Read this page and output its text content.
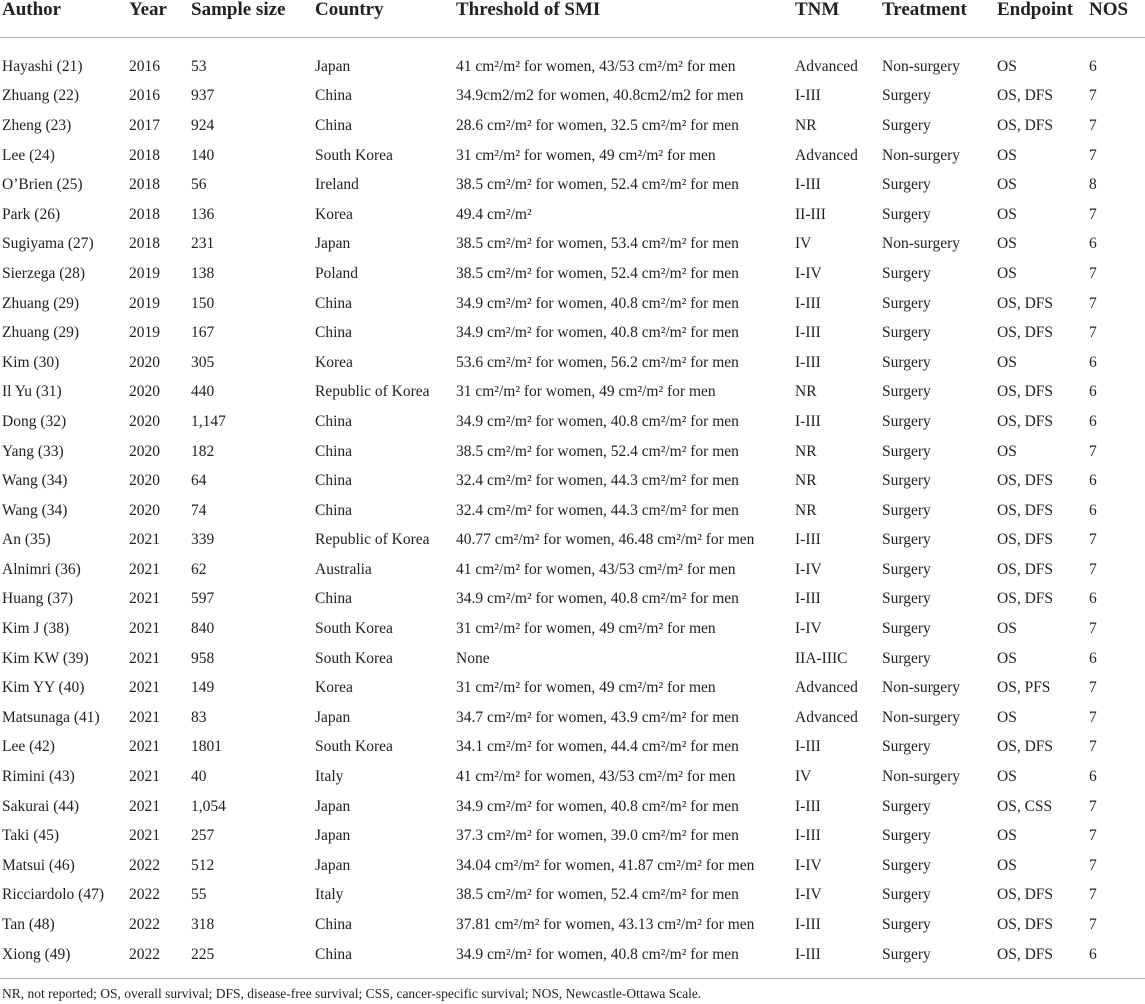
Author	Year	Sample size	Country	Threshold of SMI	TNM	Treatment	Endpoint	NOS
Hayashi (21)	2016	53	Japan	41 cm²/m² for women, 43/53 cm²/m² for men	Advanced	Non-surgery	OS	6
Zhuang (22)	2016	937	China	34.9cm2/m2 for women, 40.8cm2/m2 for men	I-III	Surgery	OS, DFS	7
Zheng (23)	2017	924	China	28.6 cm²/m² for women, 32.5 cm²/m² for men	NR	Surgery	OS, DFS	7
Lee (24)	2018	140	South Korea	31 cm²/m² for women, 49 cm²/m² for men	Advanced	Non-surgery	OS	7
O’Brien (25)	2018	56	Ireland	38.5 cm²/m² for women, 52.4 cm²/m² for men	I-III	Surgery	OS	8
Park (26)	2018	136	Korea	49.4 cm²/m²	II-III	Surgery	OS	7
Sugiyama (27)	2018	231	Japan	38.5 cm²/m² for women, 53.4 cm²/m² for men	IV	Non-surgery	OS	6
Sierzega (28)	2019	138	Poland	38.5 cm²/m² for women, 52.4 cm²/m² for men	I-IV	Surgery	OS	7
Zhuang (29)	2019	150	China	34.9 cm²/m² for women, 40.8 cm²/m² for men	I-III	Surgery	OS, DFS	7
Zhuang (29)	2019	167	China	34.9 cm²/m² for women, 40.8 cm²/m² for men	I-III	Surgery	OS, DFS	7
Kim (30)	2020	305	Korea	53.6 cm²/m² for women, 56.2 cm²/m² for men	I-III	Surgery	OS	6
Il Yu (31)	2020	440	Republic of Korea	31 cm²/m² for women, 49 cm²/m² for men	NR	Surgery	OS, DFS	6
Dong (32)	2020	1,147	China	34.9 cm²/m² for women, 40.8 cm²/m² for men	I-III	Surgery	OS, DFS	6
Yang (33)	2020	182	China	38.5 cm²/m² for women, 52.4 cm²/m² for men	NR	Surgery	OS	7
Wang (34)	2020	64	China	32.4 cm²/m² for women, 44.3 cm²/m² for men	NR	Surgery	OS, DFS	6
Wang (34)	2020	74	China	32.4 cm²/m² for women, 44.3 cm²/m² for men	NR	Surgery	OS, DFS	6
An (35)	2021	339	Republic of Korea	40.77 cm²/m² for women, 46.48 cm²/m² for men	I-III	Surgery	OS, DFS	7
Alnimri (36)	2021	62	Australia	41 cm²/m² for women, 43/53 cm²/m² for men	I-IV	Surgery	OS, DFS	7
Huang (37)	2021	597	China	34.9 cm²/m² for women, 40.8 cm²/m² for men	I-III	Surgery	OS, DFS	6
Kim J (38)	2021	840	South Korea	31 cm²/m² for women, 49 cm²/m² for men	I-IV	Surgery	OS	7
Kim KW (39)	2021	958	South Korea	None	IIA-IIIC	Surgery	OS	6
Kim YY (40)	2021	149	Korea	31 cm²/m² for women, 49 cm²/m² for men	Advanced	Non-surgery	OS, PFS	7
Matsunaga (41)	2021	83	Japan	34.7 cm²/m² for women, 43.9 cm²/m² for men	Advanced	Non-surgery	OS	7
Lee (42)	2021	1801	South Korea	34.1 cm²/m² for women, 44.4 cm²/m² for men	I-III	Surgery	OS, DFS	7
Rimini (43)	2021	40	Italy	41 cm²/m² for women, 43/53 cm²/m² for men	IV	Non-surgery	OS	6
Sakurai (44)	2021	1,054	Japan	34.9 cm²/m² for women, 40.8 cm²/m² for men	I-III	Surgery	OS, CSS	7
Taki (45)	2021	257	Japan	37.3 cm²/m² for women, 39.0 cm²/m² for men	I-III	Surgery	OS	7
Matsui (46)	2022	512	Japan	34.04 cm²/m² for women, 41.87 cm²/m² for men	I-IV	Surgery	OS	7
Ricciardolo (47)	2022	55	Italy	38.5 cm²/m² for women, 52.4 cm²/m² for men	I-IV	Surgery	OS, DFS	7
Tan (48)	2022	318	China	37.81 cm²/m² for women, 43.13 cm²/m² for men	I-III	Surgery	OS, DFS	7
Xiong (49)	2022	225	China	34.9 cm²/m² for women, 40.8 cm²/m² for men	I-III	Surgery	OS, DFS	6
NR, not reported; OS, overall survival; DFS, disease-free survival; CSS, cancer-specific survival; NOS, Newcastle-Ottawa Scale.
